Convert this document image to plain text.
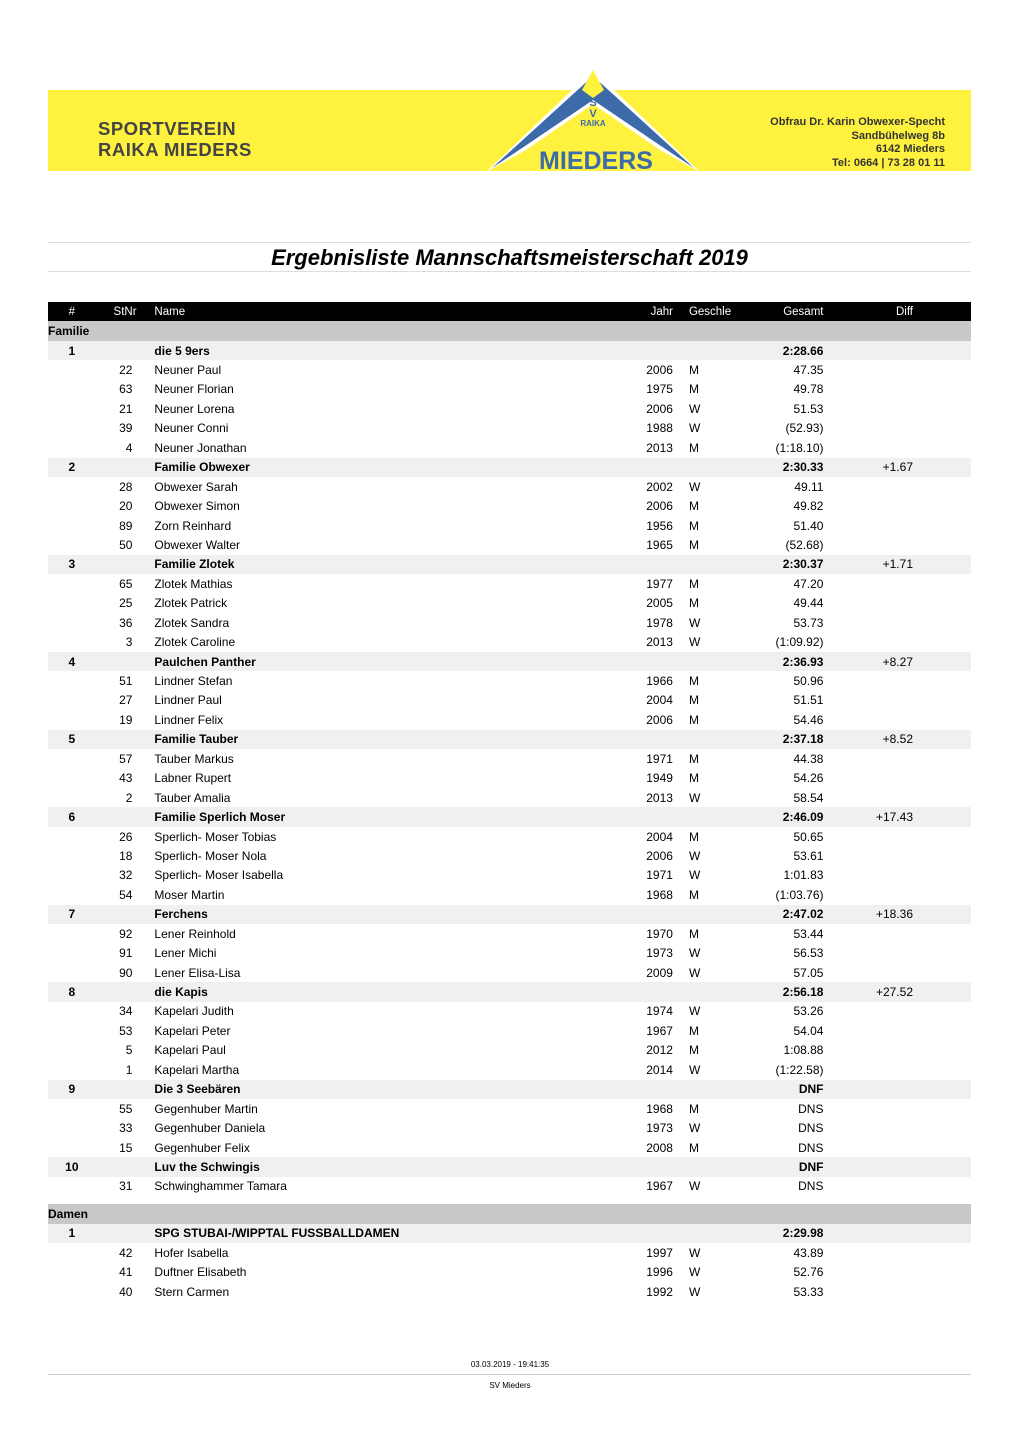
SPORTVEREIN
RAIKA MIEDERS
S
V
RAIKA
MIEDERS
Obfrau Dr. Karin Obwexer-Specht
Sandbühelweg 8b
6142 Mieders
Tel: 0664 | 73 28 01 11
Ergebnisliste Mannschaftsmeisterschaft 2019
#	StNr	Name	Jahr	Geschle	Gesamt	Diff
Familie						
1		die 5 9ers			2:28.66	
	22	Neuner Paul	2006	M	47.35	
	63	Neuner Florian	1975	M	49.78	
	21	Neuner Lorena	2006	W	51.53	
	39	Neuner Conni	1988	W	(52.93)	
	4	Neuner Jonathan	2013	M	(1:18.10)	
2		Familie Obwexer			2:30.33	+1.67
	28	Obwexer Sarah	2002	W	49.11	
	20	Obwexer Simon	2006	M	49.82	
	89	Zorn Reinhard	1956	M	51.40	
	50	Obwexer Walter	1965	M	(52.68)	
3		Familie Zlotek			2:30.37	+1.71
	65	Zlotek Mathias	1977	M	47.20	
	25	Zlotek Patrick	2005	M	49.44	
	36	Zlotek Sandra	1978	W	53.73	
	3	Zlotek Caroline	2013	W	(1:09.92)	
4		Paulchen Panther			2:36.93	+8.27
	51	Lindner Stefan	1966	M	50.96	
	27	Lindner Paul	2004	M	51.51	
	19	Lindner Felix	2006	M	54.46	
5		Familie Tauber			2:37.18	+8.52
	57	Tauber Markus	1971	M	44.38	
	43	Labner Rupert	1949	M	54.26	
	2	Tauber Amalia	2013	W	58.54	
6		Familie Sperlich Moser			2:46.09	+17.43
	26	Sperlich- Moser Tobias	2004	M	50.65	
	18	Sperlich- Moser Nola	2006	W	53.61	
	32	Sperlich- Moser Isabella	1971	W	1:01.83	
	54	Moser Martin	1968	M	(1:03.76)	
7		Ferchens			2:47.02	+18.36
	92	Lener Reinhold	1970	M	53.44	
	91	Lener Michi	1973	W	56.53	
	90	Lener Elisa-Lisa	2009	W	57.05	
8		die Kapis			2:56.18	+27.52
	34	Kapelari Judith	1974	W	53.26	
	53	Kapelari Peter	1967	M	54.04	
	5	Kapelari Paul	2012	M	1:08.88	
	1	Kapelari Martha	2014	W	(1:22.58)	
9		Die 3 Seebären			DNF	
	55	Gegenhuber Martin	1968	M	DNS	
	33	Gegenhuber Daniela	1973	W	DNS	
	15	Gegenhuber Felix	2008	M	DNS	
10		Luv the Schwingis			DNF	
	31	Schwinghammer Tamara	1967	W	DNS	

Damen						
1		SPG STUBAI-/WIPPTAL FUSSBALLDAMEN			2:29.98	
	42	Hofer Isabella	1997	W	43.89	
	41	Duftner Elisabeth	1996	W	52.76	
	40	Stern Carmen	1992	W	53.33	
03.03.2019 - 19:41:35
SV Mieders
